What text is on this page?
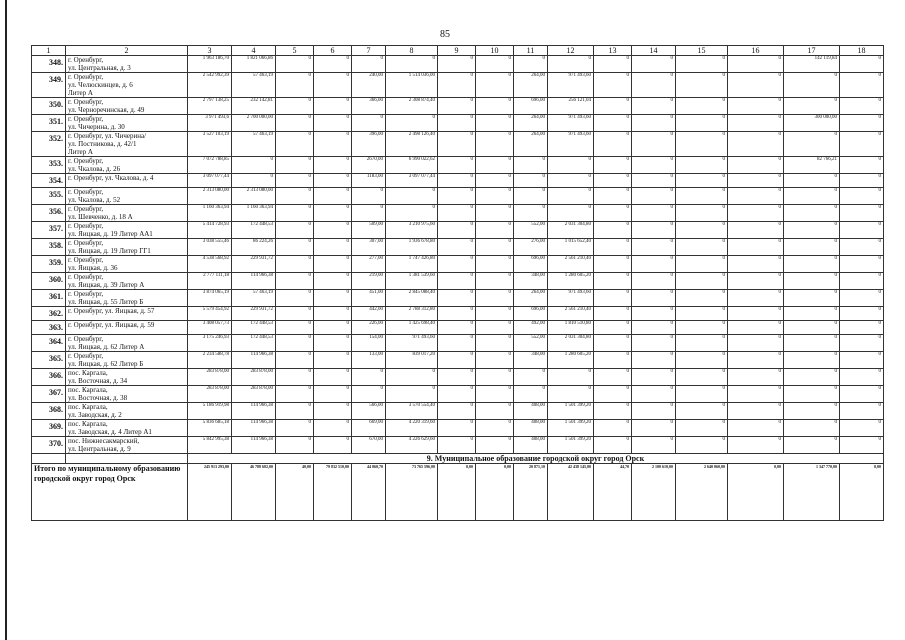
85
1	2	3	4	5	6	7	8	9	10	11	12	13	14	15	16	17	18
348.	г. Оренбург,
ул. Центральная, д. 3	1 963 186,70	1 821 066,86	0	0	0	0	0	0	0	0	0	0	0	0	142 119,84	0
349.	г. Оренбург,
ул. Челюскинцев, д. 6
Литер А	2 542 992,39	57 463,19	0	0	240,00	1 514 036,00	0	0	264,00	971 493,60	0	0	0	0	0	0
350.	г. Оренбург,
ул. Черноречинская, д. 49	2 797 138,25	232 142,81	0	0	366,00	2 308 874,40	0	0	696,00	256 121,04	0	0	0	0	0	0
351.	г. Оренбург,
ул. Чичерина, д. 30	3 971 493,6	2 700 000,00	0	0	0	0	0	0	264,00	971 493,60	0	0	0	0	300 000,00	0
352.	г. Оренбург, ул. Чичерина/
ул. Постникова, д. 42/1
Литер А	3 527 103,19	57 463,19	0	0	396,00	2 498 126,40	0	0	264,00	971 493,60	0	0	0	0	0	0
353.	г. Оренбург,
ул. Чкалова, д. 26	7 072 788,85	0	0	0	2670,00	6 990 022,62	0	0	0	0	0	0	0	0	82 766,21	0
354.	г. Оренбург, ул. Чкалова, д. 4	3 097 077,44	0	0	0	1183,00	3 097 077,44	0	0	0	0	0	0	0	0	0	0
355.	г. Оренбург,
ул. Чкалова, д. 52	2 313 080,00	2 313 080,00	0	0	0	0	0	0	0	0	0	0	0	0	0	0
356.	г. Оренбург,
ул. Шевченко, д. 18 А	1 160 363,94	1 160 363,94	0	0	0	0	0	0	0	0	0	0	0	0	0	0
357.	г. Оренбург,
ул. Яицкая, д. 19 Литер АА1	5 414 728,93	172 448,53	0	0	509,00	3 210 975,60	0	0	552,00	2 031 304,80	0	0	0	0	0	0
358.	г. Оренбург,
ул. Яицкая, д. 19 Литер ГГ1	3 038 555,46	86 224,26	0	0	307,00	1 936 678,80	0	0	276,00	1 015 652,40	0	0	0	0	0	0
359.	г. Оренбург,
ул. Яицкая, д. 36	4 538 568,92	229 931,72	0	0	277,00	1 747 426,80	0	0	696,00	2 561 210,40	0	0	0	0	0	0
360.	г. Оренбург,
ул. Яицкая, д. 39 Литер А	2 777 111,18	114 966,38	0	0	219,00	1 381 539,60	0	0	348,00	1 280 605,20	0	0	0	0	0	0
361.	г. Оренбург,
ул. Яицкая, д. 55 Литер Б	3 874 065,19	57 463,19	0	0	451,00	2 845 088,40	0	0	264,00	971 493,60	0	0	0	0	0	0
362.	г. Оренбург, ул. Яицкая, д. 57	5 579 454,92	229 931,72	0	0	442,00	2 788 312,80	0	0	696,00	2 561 210,40	0	0	0	0	0	0
363.	г. Оренбург, ул. Яицкая, д. 59	3 408 057,73	172 448,53	0	0	226,00	1 425 698,40	0	0	492,00	1 810 510,80	0	0	0	0	0	0
364.	г. Оренбург,
ул. Яицкая, д. 62 Литер А	3 175 246,93	172 448,53	0	0	154,00	971 493,60	0	0	552,00	2 031 304,80	0	0	0	0	0	0
365.	г. Оренбург,
ул. Яицкая, д. 62 Литер Б	2 234 588,78	114 966,38	0	0	133,00	839 017,20	0	0	348,00	1 280 605,20	0	0	0	0	0	0
366.	пос. Каргала,
ул. Восточная, д. 34	283 878,00	283 878,00	0	0	0	0	0	0	0	0	0	0	0	0	0	0
367.	пос. Каргала,
ул. Восточная, д. 38	283 878,00	283 878,00	0	0	0	0	0	0	0	0	0	0	0	0	0	0
368.	пос. Каргала,
ул. Заводская, д. 2	5 186 919,98	114 966,38	0	0	566,00	3 570 554,40	0	0	408,00	1 501 399,20	0	0	0	0	0	0
369.	пос. Каргала,
ул. Заводская, д. 4 Литер А1	5 836 685,18	114 966,38	0	0	669,00	4 220 319,60	0	0	408,00	1 501 399,20	0	0	0	0	0	0
370.	пос. Нижнесакмарский,
ул. Центральная, д. 9	5 842 995,38	114 966,38	0	0	670,00	4 226 629,60	0	0	408,00	1 501 399,20	0	0	0	0	0	0
		9. Муниципальное образование городской округ город Орск															
Итого по муниципальному образованию городской округ город Орск		245 913 293,00	46 788 682,00	40,00	79 832 510,00	44 060,70	73 765 596,00	0,00	0,00	20 871,10	42 438 145,00	44,70	2 100 610,00	2 640 060,00	0,00	1 347 770,00	0,00
